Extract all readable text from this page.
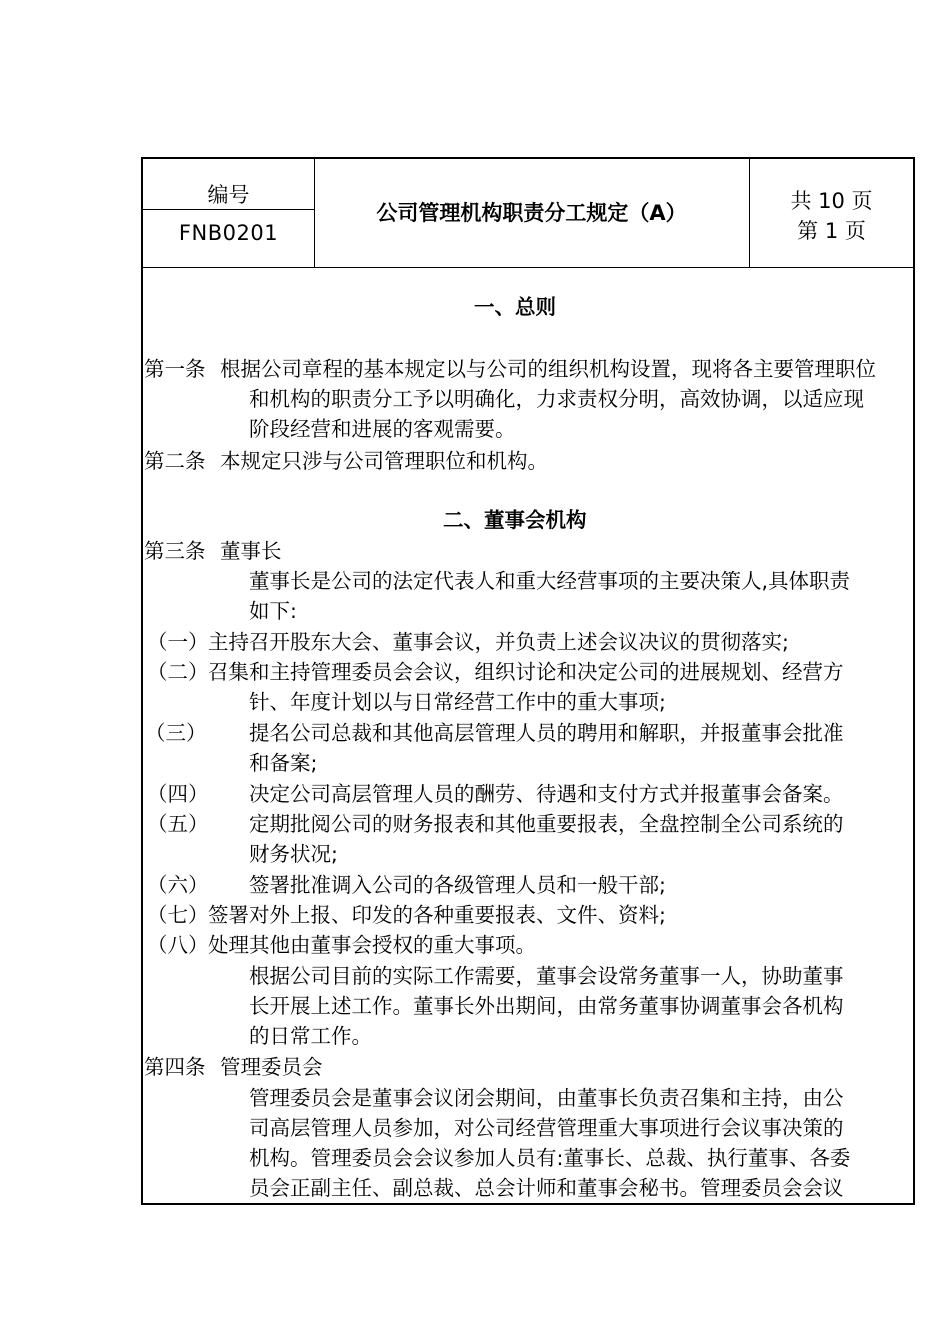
编号
FNB0201
公司管理机构职责分工规定（A）	共 10 页
第 1 页
一、总则
第一条 根据公司章程的基本规定以与公司的组织机构设置，现将各主要管理职位
和机构的职责分工予以明确化，力求责权分明，高效协调，以适应现
阶段经营和进展的客观需要。
第二条 本规定只涉与公司管理职位和机构。
二、董事会机构
第三条 董事长
董事长是公司的法定代表人和重大经营事项的主要决策人,具体职责
如下:
（一） 主持召开股东大会、董事会议，并负责上述会议决议的贯彻落实;
（二） 召集和主持管理委员会会议，组织讨论和决定公司的进展规划、经营方
针、年度计划以与日常经营工作中的重大事项;
（三） 提名公司总裁和其他高层管理人员的聘用和解职，并报董事会批准
和备案;
（四） 决定公司高层管理人员的酬劳、待遇和支付方式并报董事会备案。
（五） 定期批阅公司的财务报表和其他重要报表，全盘控制全公司系统的
财务状况;
（六） 签署批准调入公司的各级管理人员和一般干部;
（七） 签署对外上报、印发的各种重要报表、文件、资料;
（八） 处理其他由董事会授权的重大事项。
根据公司目前的实际工作需要，董事会设常务董事一人，协助董事
长开展上述工作。董事长外出期间，由常务董事协调董事会各机构
的日常工作。
第四条 管理委员会
管理委员会是董事会议闭会期间，由董事长负责召集和主持，由公
司高层管理人员参加，对公司经营管理重大事项进行会议事决策的
机构。管理委员会会议参加人员有:董事长、总裁、执行董事、各委
员会正副主任、副总裁、总会计师和董事会秘书。管理委员会会议
